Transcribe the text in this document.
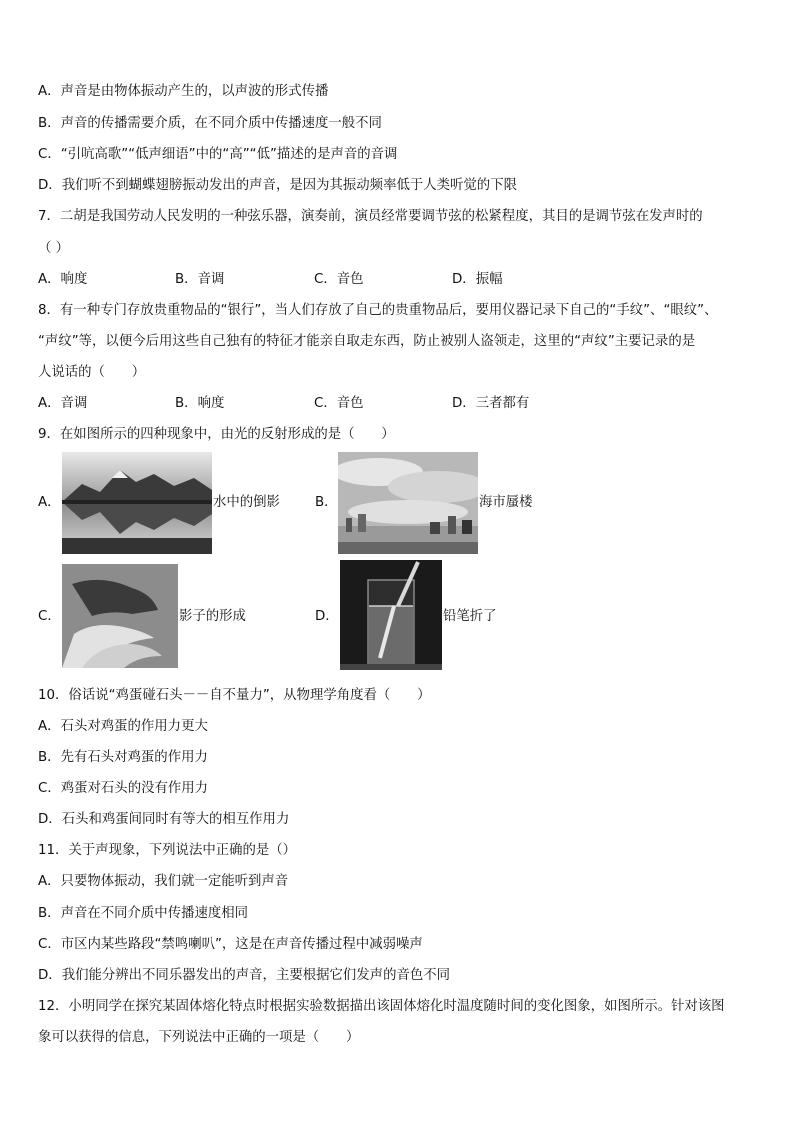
A．声音是由物体振动产生的，以声波的形式传播
B．声音的传播需要介质，在不同介质中传播速度一般不同
C．“引吭高歌”“低声细语”中的“高”“低”描述的是声音的音调
D．我们听不到蝴蝶翅膀振动发出的声音，是因为其振动频率低于人类听觉的下限
7．二胡是我国劳动人民发明的一种弦乐器，演奏前，演员经常要调节弦的松紧程度，其目的是调节弦在发声时的
（ ）
A．响度	B．音调	C．音色	D．振幅
8．有一种专门存放贵重物品的“银行”，当人们存放了自己的贵重物品后，要用仪器记录下自己的“手纹”、“眼纹”、
“声纹”等，以便今后用这些自己独有的特征才能亲自取走东西，防止被别人盗领走，这里的“声纹”主要记录的是
人说话的（　　）
A．音调	B．响度	C．音色	D．三者都有
9．在如图所示的四种现象中，由光的反射形成的是（　　）
A．	水中的倒影	B．	海市蜃楼
C．	影子的形成	D．	铅笔折了
10．俗话说“鸡蛋碰石头－－自不量力”，从物理学角度看（　　）
A．石头对鸡蛋的作用力更大
B．先有石头对鸡蛋的作用力
C．鸡蛋对石头的没有作用力
D．石头和鸡蛋间同时有等大的相互作用力
11．关于声现象，下列说法中正确的是（）
A．只要物体振动，我们就一定能听到声音
B．声音在不同介质中传播速度相同
C．市区内某些路段“禁鸣喇叭”，这是在声音传播过程中减弱噪声
D．我们能分辨出不同乐器发出的声音，主要根据它们发声的音色不同
12．小明同学在探究某固体熔化特点时根据实验数据描出该固体熔化时温度随时间的变化图象，如图所示。针对该图
象可以获得的信息，下列说法中正确的一项是（　　）
